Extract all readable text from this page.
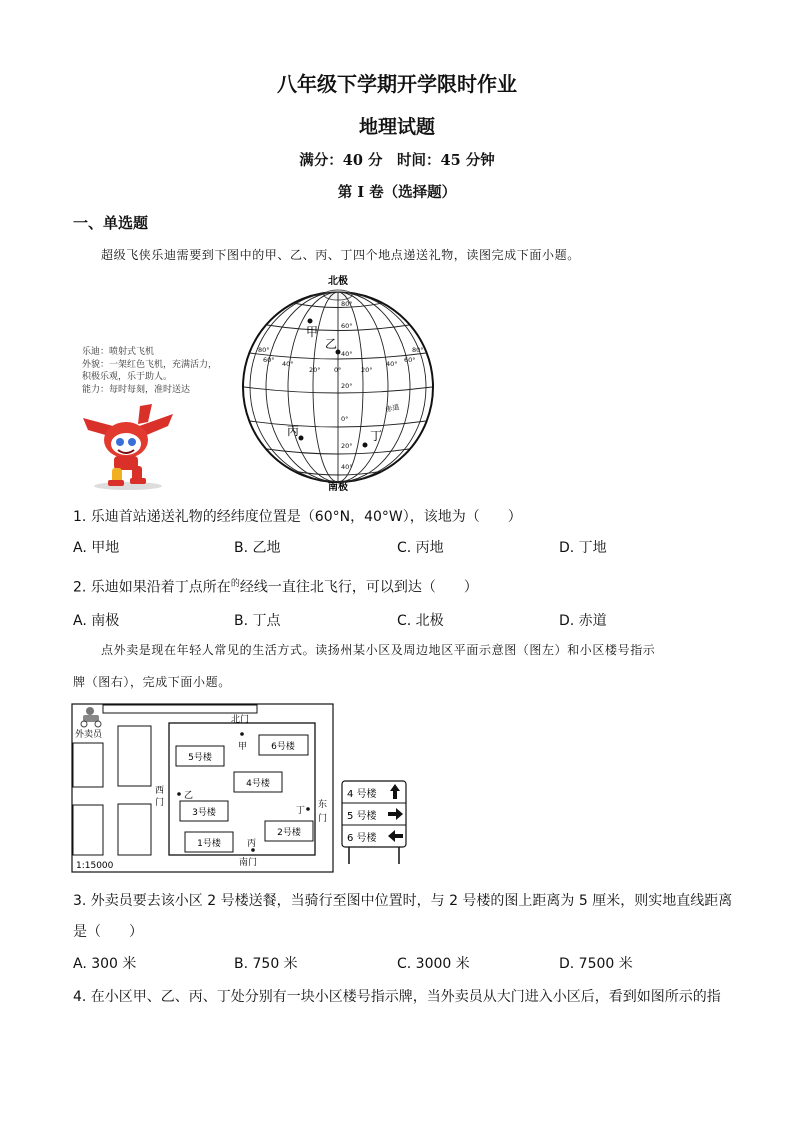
八年级下学期开学限时作业
地理试题
满分：40 分　时间：45 分钟
第 I 卷（选择题）
一、单选题
超级飞侠乐迪需要到下图中的甲、乙、丙、丁四个地点递送礼物，读图完成下面小题。
乐迪：喷射式飞机
外貌：一架红色飞机，充满活力，
积极乐观，乐于助人。
能力：每时每刻，准时送达
北极
南极
80°
60°
40°
20°
0°
20°
40°
80°
60° 40°
20° 0°	20°
40° 60°
80°
赤道
甲
乙
丙	丁
1. 乐迪首站递送礼物的经纬度位置是（60°N，40°W），该地为（　　）
A. 甲地	B. 乙地	C. 丙地	D. 丁地
2. 乐迪如果沿着丁点所在$^的$经线一直往北飞行，可以到达（　　）
A. 南极	B. 丁点	C. 北极	D. 赤道
点外卖是现在年轻人常见的生活方式。读扬州某小区及周边地区平面示意图（图左）和小区楼号指示
牌（图右），完成下面小题。
外卖员
北门
南门
西
门	东
门
5号楼
6号楼
4号楼
3号楼
2号楼
1号楼
甲
乙
丙
丁
1:15000
4 号楼
5 号楼
6 号楼
3. 外卖员要去该小区 2 号楼送餐，当骑行至图中位置时，与 2 号楼的图上距离为 5 厘米，则实地直线距离
是（　　）
A. 300 米	B. 750 米	C. 3000 米	D. 7500 米
4. 在小区甲、乙、丙、丁处分别有一块小区楼号指示牌，当外卖员从大门进入小区后，看到如图所示的指
